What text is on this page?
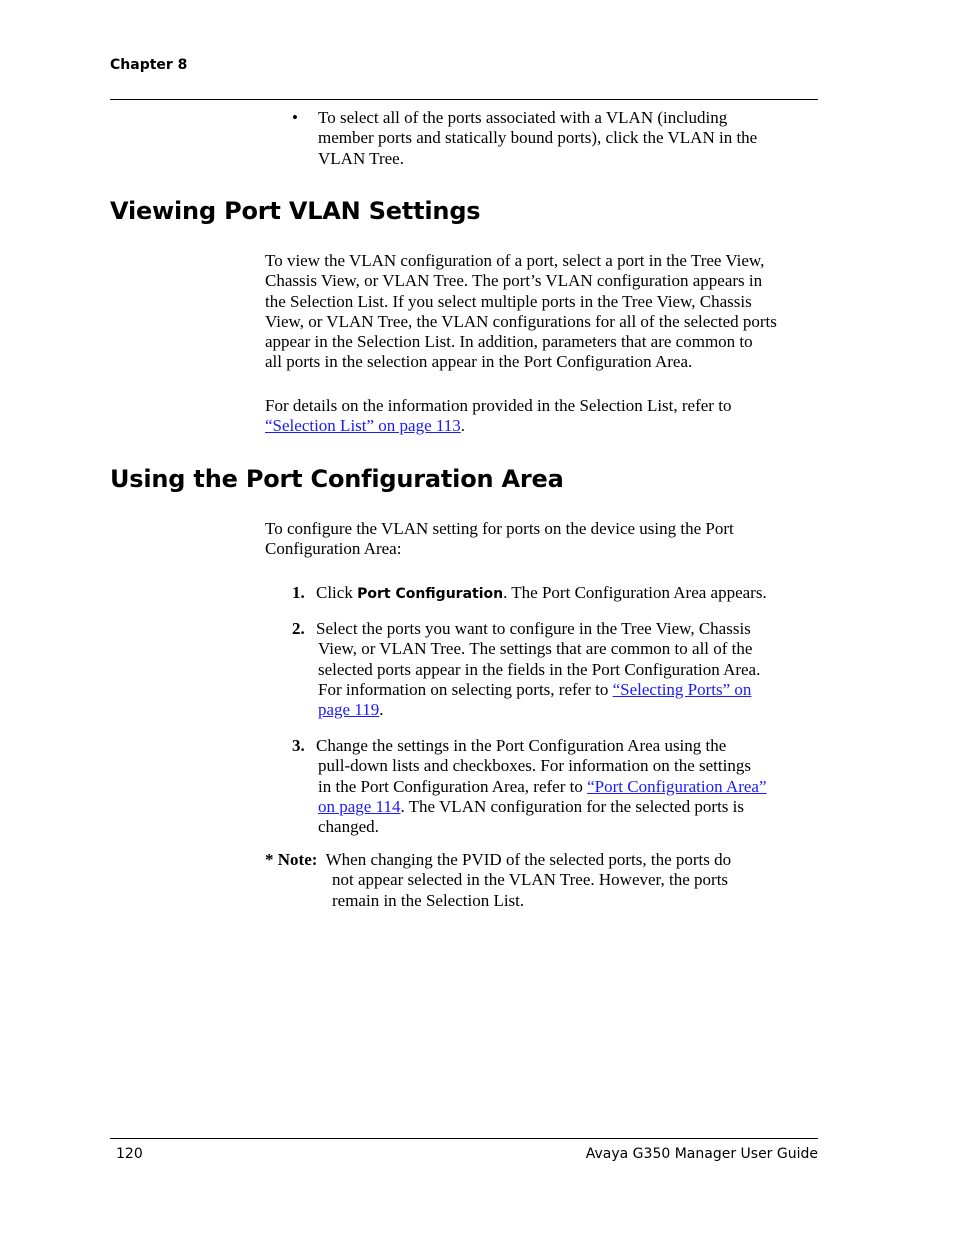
Chapter 8
• To select all of the ports associated with a VLAN (including
member ports and statically bound ports), click the VLAN in the
VLAN Tree.
Viewing Port VLAN Settings
To view the VLAN configuration of a port, select a port in the Tree View,
Chassis View, or VLAN Tree. The port’s VLAN configuration appears in
the Selection List. If you select multiple ports in the Tree View, Chassis
View, or VLAN Tree, the VLAN configurations for all of the selected ports
appear in the Selection List. In addition, parameters that are common to
all ports in the selection appear in the Port Configuration Area.
For details on the information provided in the Selection List, refer to
“Selection List” on page 113.
Using the Port Configuration Area
To configure the VLAN setting for ports on the device using the Port
Configuration Area:
1. Click Port Configuration. The Port Configuration Area appears.
2. Select the ports you want to configure in the Tree View, Chassis
View, or VLAN Tree. The settings that are common to all of the
selected ports appear in the fields in the Port Configuration Area.
For information on selecting ports, refer to “Selecting Ports” on
page 119.
3. Change the settings in the Port Configuration Area using the
pull-down lists and checkboxes. For information on the settings
in the Port Configuration Area, refer to “Port Configuration Area”
on page 114. The VLAN configuration for the selected ports is
changed.
* Note: When changing the PVID of the selected ports, the ports do
not appear selected in the VLAN Tree. However, the ports
remain in the Selection List.
120	Avaya G350 Manager User Guide
